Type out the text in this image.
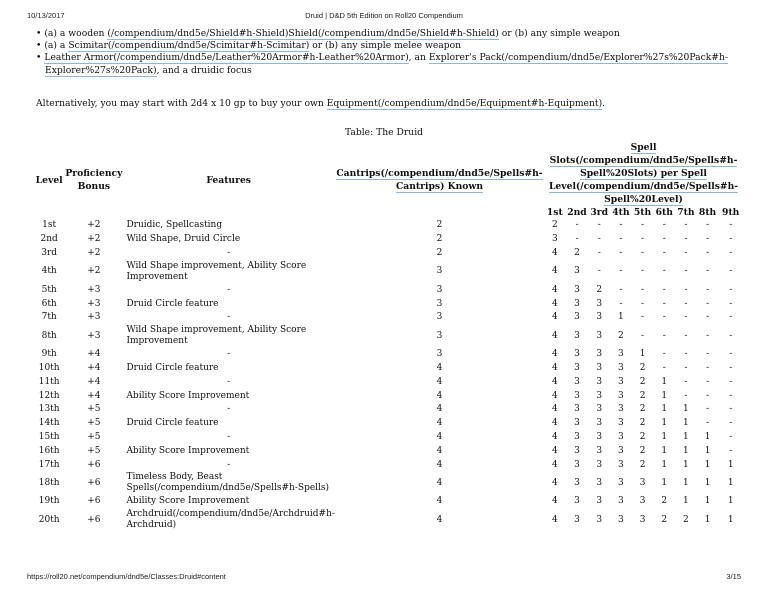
10/13/2017	Druid | D&D 5th Edition on Roll20 Compendium

• (a) a wooden (/compendium/dnd5e/Shield#h-Shield)Shield(/compendium/dnd5e/Shield#h-Shield) or (b) any simple weapon

• (a) a Scimitar(/compendium/dnd5e/Scimitar#h-Scimitar) or (b) any simple melee weapon

• Leather Armor(/compendium/dnd5e/Leather%20Armor#h-Leather%20Armor), an Explorer's Pack(/compendium/dnd5e/Explorer%27s%20Pack#h-Explorer%27s%20Pack), and a druidic focus

Alternatively, you may start with 2d4 x 10 gp to buy your own Equipment(/compendium/dnd5e/Equipment#h-Equipment).
Table: The Druid
Level	Proficiency Bonus	Features	Cantrips(/compendium/dnd5e/Spells#h-Cantrips) Known	Spell Slots(/compendium/dnd5e/Spells#h-Spell%20Slots) per Spell Level(/compendium/dnd5e/Spells#h-Spell%20Level)								
				1st	2nd	3rd	4th	5th	6th	7th	8th	9th
1st	+2	Druidic, Spellcasting	2	2	-	-	-	-	-	-	-	-
2nd	+2	Wild Shape, Druid Circle	2	3	-	-	-	-	-	-	-	-
3rd	+2	-	2	4	2	-	-	-	-	-	-	-
4th	+2	Wild Shape improvement, Ability Score Improvement	3	4	3	-	-	-	-	-	-	-
5th	+3	-	3	4	3	2	-	-	-	-	-	-
6th	+3	Druid Circle feature	3	4	3	3	-	-	-	-	-	-
7th	+3	-	3	4	3	3	1	-	-	-	-	-
8th	+3	Wild Shape improvement, Ability Score Improvement	3	4	3	3	2	-	-	-	-	-
9th	+4	-	3	4	3	3	3	1	-	-	-	-
10th	+4	Druid Circle feature	4	4	3	3	3	2	-	-	-	-
11th	+4	-	4	4	3	3	3	2	1	-	-	-
12th	+4	Ability Score Improvement	4	4	3	3	3	2	1	-	-	-
13th	+5	-	4	4	3	3	3	2	1	1	-	-
14th	+5	Druid Circle feature	4	4	3	3	3	2	1	1	-	-
15th	+5	-	4	4	3	3	3	2	1	1	1	-
16th	+5	Ability Score Improvement	4	4	3	3	3	2	1	1	1	-
17th	+6	-	4	4	3	3	3	2	1	1	1	1
18th	+6	Timeless Body, Beast Spells(/compendium/dnd5e/Spells#h-Spells)	4	4	3	3	3	3	1	1	1	1
19th	+6	Ability Score Improvement	4	4	3	3	3	3	2	1	1	1
20th	+6	Archdruid(/compendium/dnd5e/Archdruid#h-Archdruid)	4	4	3	3	3	3	2	2	1	1
https://roll20.net/compendium/dnd5e/Classes:Druid#content	3/15
